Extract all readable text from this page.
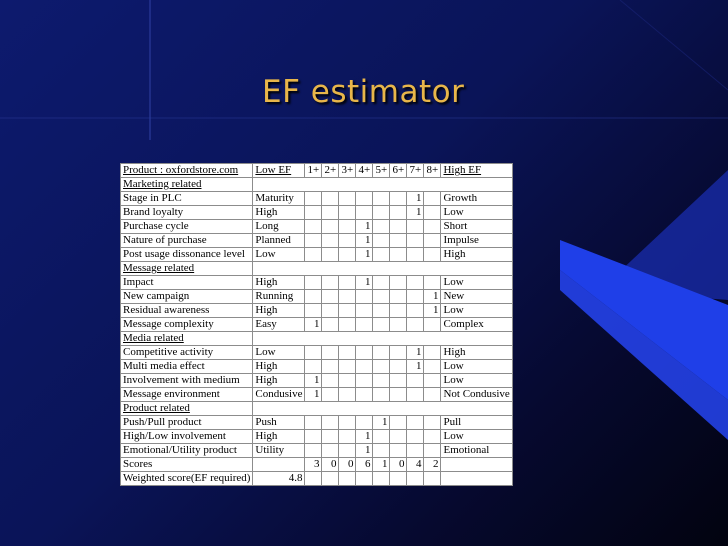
EF estimator
Product : oxfordstore.com	Low EF	1+	2+	3+	4+	5+	6+	7+	8+	High EF
Marketing related										
Stage in PLC	Maturity							1		Growth
Brand loyalty	High							1		Low
Purchase cycle	Long				1					Short
Nature of purchase	Planned				1					Impulse
Post usage dissonance level	Low				1					High
Message related										
Impact	High				1					Low
New campaign	Running								1	New
Residual awareness	High								1	Low
Message complexity	Easy	1								Complex
Media related										
Competitive activity	Low							1		High
Multi media effect	High							1		Low
Involvement with medium	High	1								Low
Message environment	Condusive	1								Not Condusive
Product related										
Push/Pull product	Push					1				Pull
High/Low involvement	High				1					Low
Emotional/Utility product	Utility				1					Emotional
Scores		3	0	0	6	1	0	4	2	
Weighted score(EF required)	4.8									
